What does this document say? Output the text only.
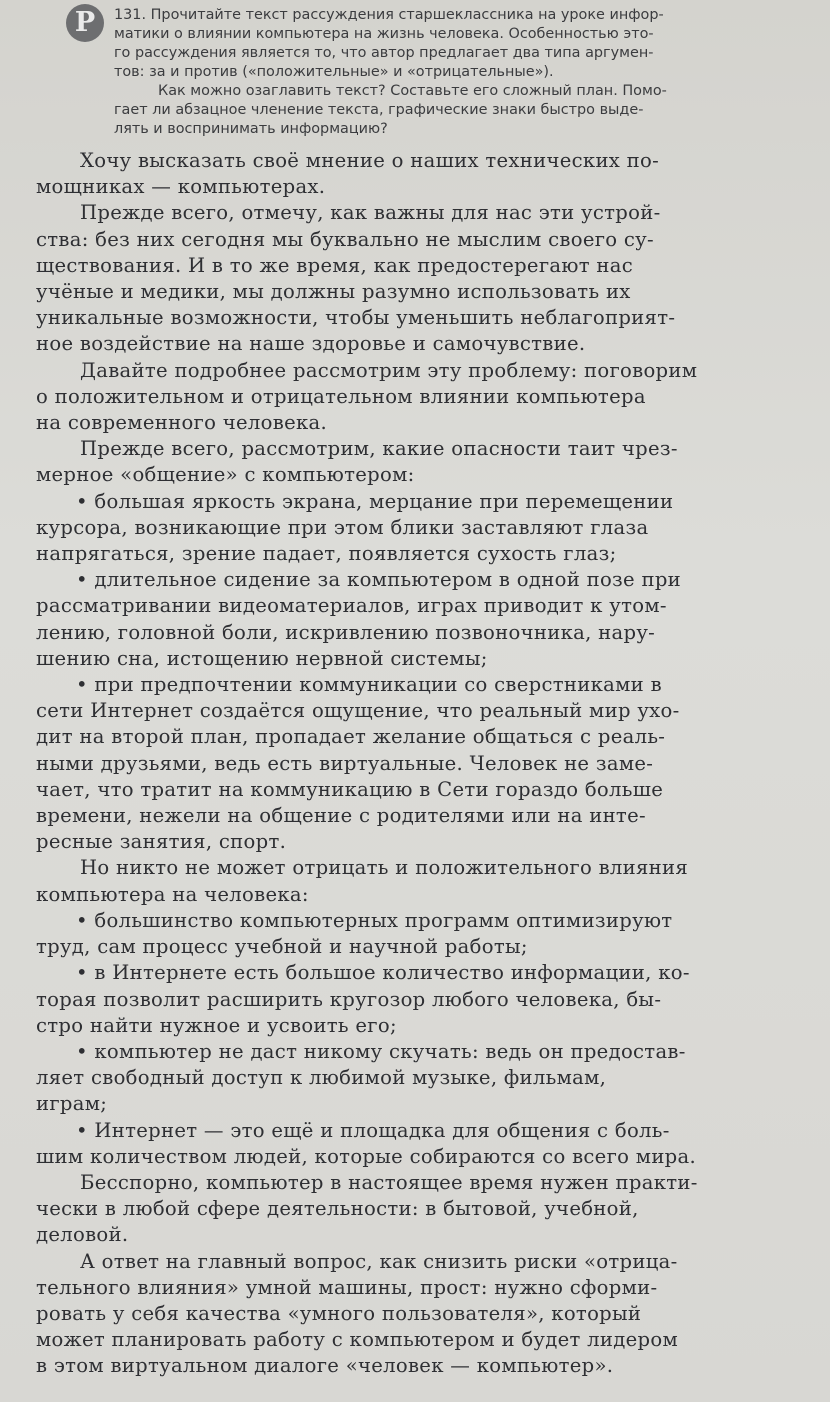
Р	131. Прочитайте текст рассуждения старшеклассника на уроке инфор-
матики о влиянии компьютера на жизнь человека. Особенностью это-
го рассуждения является то, что автор предлагает два типа аргумен-
тов: за и против («положительные» и «отрицательные»).
Как можно озаглавить текст? Составьте его сложный план. Помо-
гает ли абзацное членение текста, графические знаки быстро выде-
лять и воспринимать информацию?
Хочу высказать своё мнение о наших технических по-
мощниках — компьютерах.
Прежде всего, отмечу, как важны для нас эти устрой-
ства: без них сегодня мы буквально не мыслим своего су-
ществования. И в то же время, как предостерегают нас
учёные и медики, мы должны разумно использовать их
уникальные возможности, чтобы уменьшить неблагоприят-
ное воздействие на наше здоровье и самочувствие.
Давайте подробнее рассмотрим эту проблему: поговорим
о положительном и отрицательном влиянии компьютера
на современного человека.
Прежде всего, рассмотрим, какие опасности таит чрез-
мерное «общение» с компьютером:
• большая яркость экрана, мерцание при перемещении
курсора, возникающие при этом блики заставляют глаза
напрягаться, зрение падает, появляется сухость глаз;
• длительное сидение за компьютером в одной позе при
рассматривании видеоматериалов, играх приводит к утом-
лению, головной боли, искривлению позвоночника, нару-
шению сна, истощению нервной системы;
• при предпочтении коммуникации со сверстниками в
сети Интернет создаётся ощущение, что реальный мир ухо-
дит на второй план, пропадает желание общаться с реаль-
ными друзьями, ведь есть виртуальные. Человек не заме-
чает, что тратит на коммуникацию в Сети гораздо больше
времени, нежели на общение с родителями или на инте-
ресные занятия, спорт.
Но никто не может отрицать и положительного влияния
компьютера на человека:
• большинство компьютерных программ оптимизируют
труд, сам процесс учебной и научной работы;
• в Интернете есть большое количество информации, ко-
торая позволит расширить кругозор любого человека, бы-
стро найти нужное и усвоить его;
• компьютер не даст никому скучать: ведь он предостав-
ляет свободный доступ к любимой музыке, фильмам,
играм;
• Интернет — это ещё и площадка для общения с боль-
шим количеством людей, которые собираются со всего мира.
Бесспорно, компьютер в настоящее время нужен практи-
чески в любой сфере деятельности: в бытовой, учебной,
деловой.
А ответ на главный вопрос, как снизить риски «отрица-
тельного влияния» умной машины, прост: нужно сформи-
ровать у себя качества «умного пользователя», который
может планировать работу с компьютером и будет лидером
в этом виртуальном диалоге «человек — компьютер».
